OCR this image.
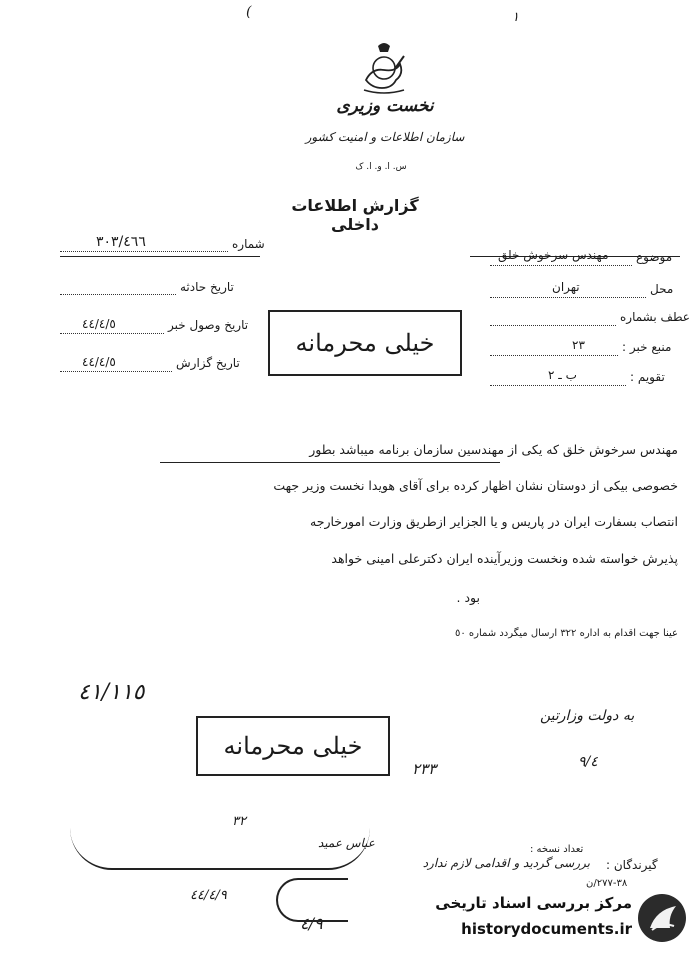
(	١
نخست وزیری
سازمان اطلاعات و امنیت کشور
س. ا. و. ا. ک
گزارش اطلاعات داخلی
شماره
٣٠٣/٤٦٦
تاریخ حادثه
تاریخ وصول خبر
٤٤/٤/٥
تاریخ گزارش
٤٤/٤/٥
موضوع
مهندس سرخوش خلق
محل
تهران
عطف بشماره
منبع خبر :
٢٣
تقویم :
ب ـ ٢
خیلی محرمانه
مهندس سرخوش خلق که یکی از مهندسین سازمان برنامه میباشد بطور
خصوصی بیکی از دوستان نشان اظهار کرده برای آقای هویدا نخست وزیر جهت
انتصاب بسفارت ایران در پاریس و یا الجزایر ازطریق وزارت امورخارجه
پذیرش خواسته شده ونخست وزیرآینده ایران دکترعلی امینی خواهد
بود .
عینا جهت اقدام به اداره ٣٢٢ ارسال میگردد شماره ٥٠
٤١/١١٥
به دولت وزارتین
٩/٤
خیلی محرمانه
٢٣٣
٣٢
عباس عمید	تعداد نسخه :
گیرندگان :
بررسی گردید و اقدامی لازم ندارد
٣٨-٢٧٧/ن
٤٤/٤/٩
٤/٩
مرکز بررسی اسناد تاریخی
historydocuments.ir
